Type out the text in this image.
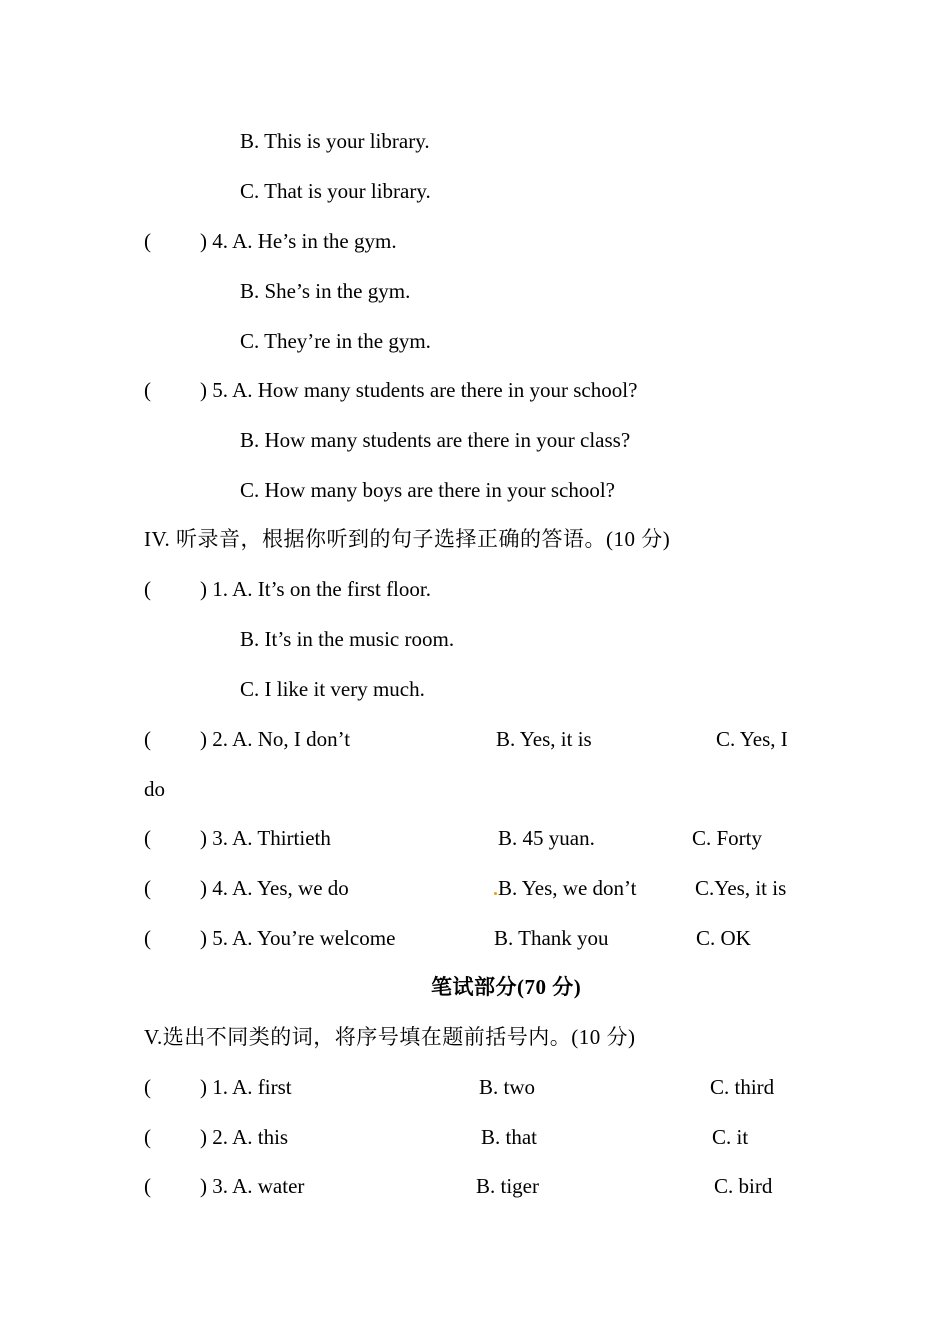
B. This is your library.
C. That is your library.
( ) 4. A. He’s in the gym.
B. She’s in the gym.
C. They’re in the gym.
( ) 5. A. How many students are there in your school?
B. How many students are there in your class?
C. How many boys are there in your school?
IV. 听录音，根据你听到的句子选择正确的答语。(10 分)
( ) 1. A. It’s on the first floor.
B. It’s in the music room.
C. I like it very much.
( ) 2. A. No, I don’t	B. Yes, it is	C. Yes, I
do
( ) 3. A. Thirtieth	B. 45 yuan.	C. Forty
( ) 4. A. Yes, we do	B. Yes, we don’t	C.Yes, it is
( ) 5. A. You’re welcome	B. Thank you	C. OK
笔试部分(70 分)
V.选出不同类的词，将序号填在题前括号内。(10 分)
( ) 1. A. first	B. two	C. third
( ) 2. A. this	B. that	C. it
( ) 3. A. water	B. tiger	C. bird
